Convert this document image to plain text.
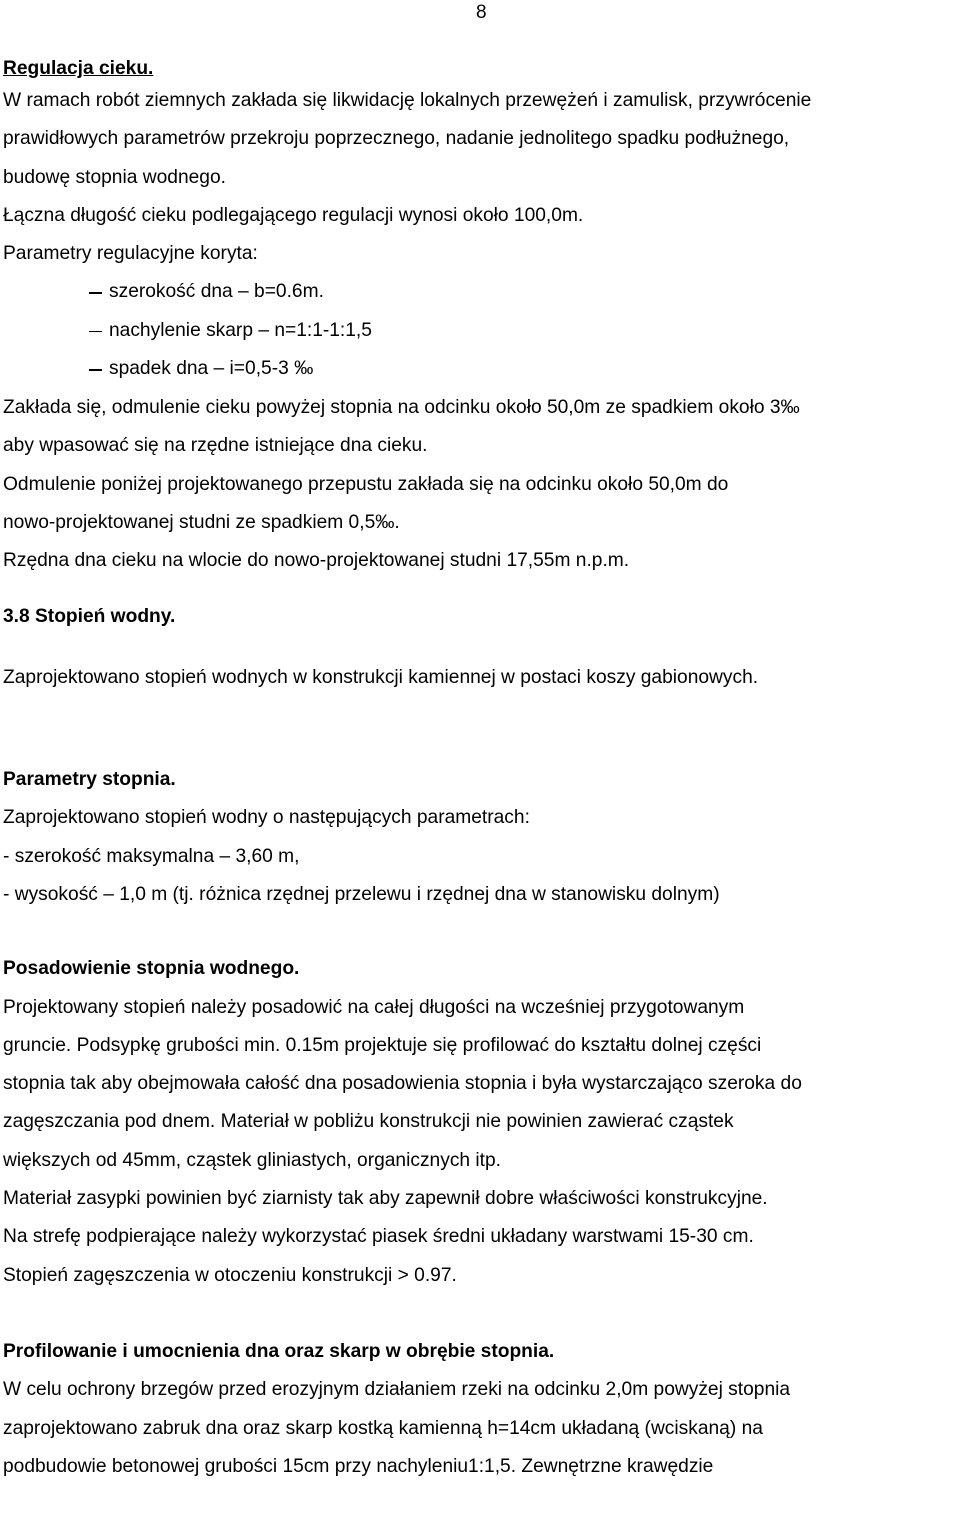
8
Regulacja cieku.
W ramach robót ziemnych zakłada się likwidację lokalnych przewężeń i zamulisk, przywrócenie
prawidłowych parametrów przekroju poprzecznego, nadanie jednolitego spadku podłużnego,
budowę stopnia wodnego.
Łączna długość cieku podlegającego regulacji wynosi około 100,0m.
Parametry regulacyjne koryta:
szerokość dna – b=0.6m.
nachylenie skarp – n=1:1-1:1,5
spadek dna – i=0,5-3 ‰
Zakłada się, odmulenie cieku powyżej stopnia na odcinku około 50,0m ze spadkiem około 3‰
aby wpasować się na rzędne istniejące dna cieku.
Odmulenie poniżej projektowanego przepustu zakłada się na odcinku około 50,0m do
nowo-projektowanej studni ze spadkiem 0,5‰.
Rzędna dna cieku na wlocie do nowo-projektowanej studni 17,55m n.p.m.
3.8 Stopień wodny.
Zaprojektowano stopień wodnych w konstrukcji kamiennej w postaci koszy gabionowych.
Parametry stopnia.
Zaprojektowano stopień wodny o następujących parametrach:
- szerokość maksymalna – 3,60 m,
- wysokość – 1,0 m (tj. różnica rzędnej przelewu i rzędnej dna w stanowisku dolnym)
Posadowienie stopnia wodnego.
Projektowany stopień należy posadowić na całej długości na wcześniej przygotowanym
gruncie. Podsypkę grubości min. 0.15m projektuje się profilować do kształtu dolnej części
stopnia tak aby obejmowała całość dna posadowienia stopnia i była wystarczająco szeroka do
zagęszczania pod dnem. Materiał w pobliżu konstrukcji nie powinien zawierać cząstek
większych od 45mm, cząstek gliniastych, organicznych itp.
Materiał zasypki powinien być ziarnisty tak aby zapewnił dobre właściwości konstrukcyjne.
Na strefę podpierające należy wykorzystać piasek średni układany warstwami 15-30 cm.
Stopień zagęszczenia w otoczeniu konstrukcji > 0.97.
Profilowanie i umocnienia dna oraz skarp w obrębie stopnia.
W celu ochrony brzegów przed erozyjnym działaniem rzeki na odcinku 2,0m powyżej stopnia
zaprojektowano zabruk dna oraz skarp kostką kamienną h=14cm układaną (wciskaną) na
podbudowie betonowej grubości 15cm przy nachyleniu1:1,5. Zewnętrzne krawędzie
